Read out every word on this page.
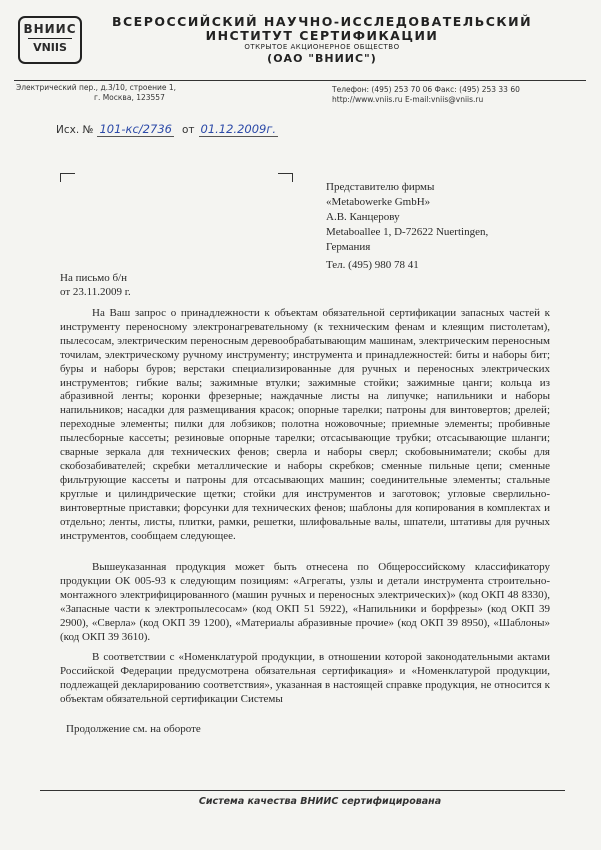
ВНИИС
VNIIS
ВСЕРОССИЙСКИЙ НАУЧНО-ИССЛЕДОВАТЕЛЬСКИЙ
ИНСТИТУТ СЕРТИФИКАЦИИ
ОТКРЫТОЕ АКЦИОНЕРНОЕ ОБЩЕСТВО
(ОАО "ВНИИС")
Электрический пер., д.3/10, строение 1,
г. Москва, 123557
Телефон: (495) 253 70 06 Факс: (495) 253 33 60
http://www.vniis.ru E-mail:vniis@vniis.ru
Исх. № 101-кс/2736 от 01.12.2009г.
Представителю фирмы
«Metabowerke GmbH»
А.В. Канцерову
Metaboallee 1, D-72622 Nuertingen,
Германия
Тел. (495) 980 78 41
На письмо б/н
от 23.11.2009 г.
На Ваш запрос о принадлежности к объектам обязательной сертификации запасных частей к инструменту переносному электронагревательному (к техническим фенам и клеящим пистолетам), пылесосам, электрическим переносным деревообрабатывающим машинам, электрическим переносным точилам, электрическому ручному инструменту; инструмента и принадлежностей: биты и наборы бит; буры и наборы буров; верстаки специализированные для ручных и переносных электрических инструментов; гибкие валы; зажимные втулки; зажимные стойки; зажимные цанги; кольца из абразивной ленты; коронки фрезерные; наждачные листы на липучке; напильники и наборы напильников; насадки для размещивания красок; опорные тарелки; патроны для винтовертов; дрелей; переходные элементы; пилки для лобзиков; полотна ножовочные; приемные элементы; пробивные пылесборные кассеты; резиновые опорные тарелки; отсасывающие трубки; отсасывающие шланги; сварные зеркала для технических фенов; сверла и наборы сверл; скобовыниматели; скобы для скобозабивателей; скребки металлические и наборы скребков; сменные пильные цепи; сменные фильтрующие кассеты и патроны для отсасывающих машин; соединительные элементы; стальные круглые и цилиндрические щетки; стойки для инструментов и заготовок; угловые сверлильно-винтовертные приставки; форсунки для технических фенов; шаблоны для копирования в комплектах и отдельно; ленты, листы, плитки, рамки, решетки, шлифовальные валы, шпатели, штативы для ручных инструментов, сообщаем следующее.
Вышеуказанная продукция может быть отнесена по Общероссийскому классификатору продукции ОК 005-93 к следующим позициям: «Агрегаты, узлы и детали инструмента строительно-монтажного электрифицированного (машин ручных и переносных электрических)» (код ОКП 48 8330), «Запасные части к электропылесосам» (код ОКП 51 5922), «Напильники и борфрезы» (код ОКП 39 2900), «Сверла» (код ОКП 39 1200), «Материалы абразивные прочие» (код ОКП 39 8950), «Шаблоны» (код ОКП 39 3610).
В соответствии с «Номенклатурой продукции, в отношении которой законодательными актами Российской Федерации предусмотрена обязательная сертификация» и «Номенклатурой продукции, подлежащей декларированию соответствия», указанная в настоящей справке продукция, не относится к объектам обязательной сертификации Системы
Продолжение см. на обороте
Система качества ВНИИС сертифицирована
